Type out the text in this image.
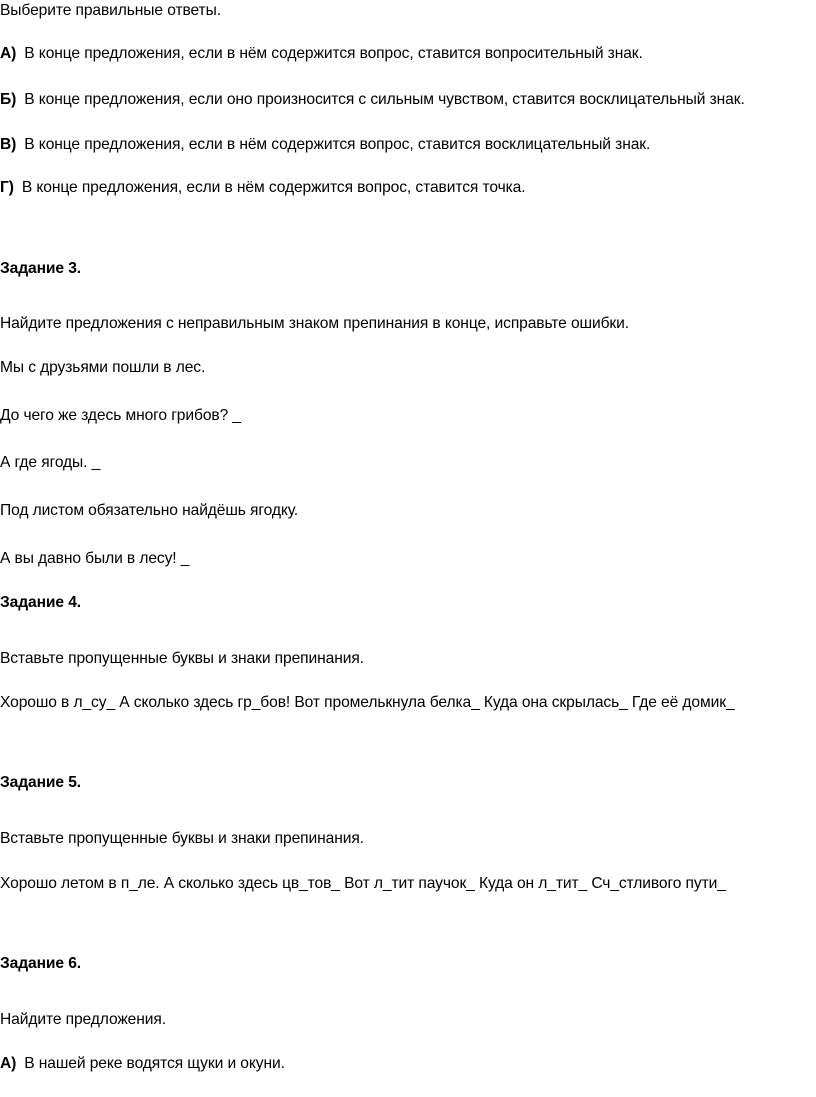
Выберите правильные ответы.

А) В конце предложения, если в нём содержится вопрос, ставится вопросительный знак.

Б) В конце предложения, если оно произносится с сильным чувством, ставится восклицательный знак.

В) В конце предложения, если в нём содержится вопрос, ставится восклицательный знак.

Г) В конце предложения, если в нём содержится вопрос, ставится точка.

Задание 3.

Найдите предложения с неправильным знаком препинания в конце, исправьте ошибки.

Мы с друзьями пошли в лес.

До чего же здесь много грибов? _

А где ягоды. _

Под листом обязательно найдёшь ягодку.

А вы давно были в лесу! _

Задание 4.

Вставьте пропущенные буквы и знаки препинания.

Хорошо в л_су_ А сколько здесь гр_бов! Вот промелькнула белка_ Куда она скрылась_ Где её домик_

Задание 5.

Вставьте пропущенные буквы и знаки препинания.

Хорошо летом в п_ле. А сколько здесь цв_тов_ Вот л_тит паучок_ Куда он л_тит_ Сч_стливого пути_

Задание 6.

Найдите предложения.

А) В нашей реке водятся щуки и окуни.
